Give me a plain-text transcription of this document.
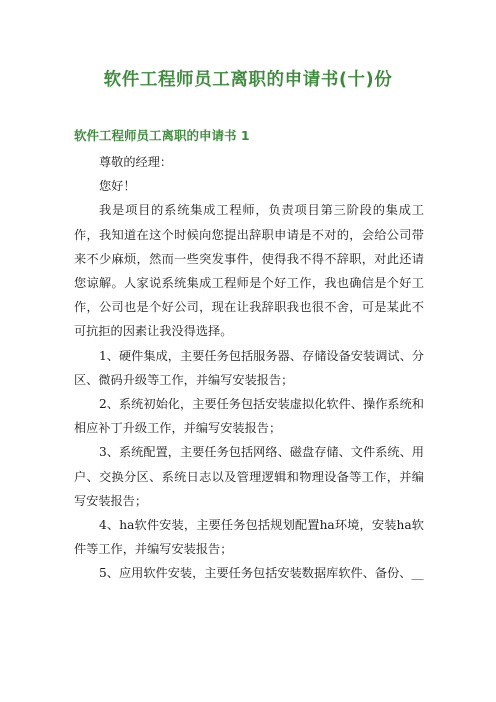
软件工程师员工离职的申请书(十)份
软件工程师员工离职的申请书 1

尊敬的经理：

您好！

我是项目的系统集成工程师，负责项目第三阶段的集成工作，我知道在这个时候向您提出辞职申请是不对的，会给公司带来不少麻烦，然而一些突发事件，使得我不得不辞职，对此还请您谅解。人家说系统集成工程师是个好工作，我也确信是个好工作，公司也是个好公司，现在让我辞职我也很不舍，可是某此不可抗拒的因素让我没得选择。

1、硬件集成，主要任务包括服务器、存储设备安装调试、分区、微码升级等工作，并编写安装报告；

2、系统初始化，主要任务包括安装虚拟化软件、操作系统和相应补丁升级工作，并编写安装报告；

3、系统配置，主要任务包括网络、磁盘存储、文件系统、用户、交换分区、系统日志以及管理逻辑和物理设备等工作，并编写安装报告；

4、ha软件安装，主要任务包括规划配置ha环境，安装ha软件等工作，并编写安装报告；

5、应用软件安装，主要任务包括安装数据库软件、备份、__
